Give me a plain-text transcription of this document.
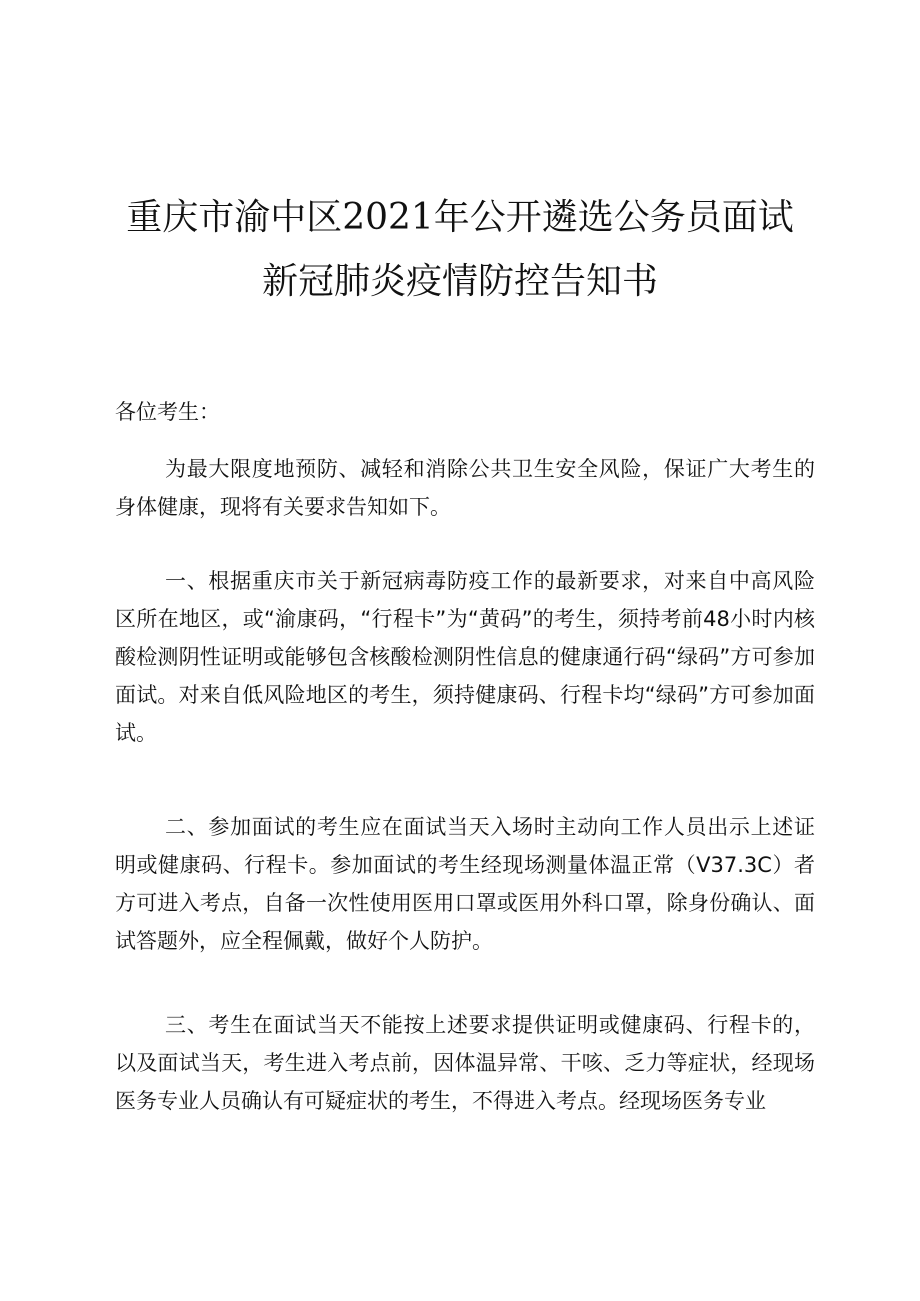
重庆市渝中区2021年公开遴选公务员面试
新冠肺炎疫情防控告知书
各位考生：
为最大限度地预防、减轻和消除公共卫生安全风险，保证广大考生的身体健康，现将有关要求告知如下。
一、根据重庆市关于新冠病毒防疫工作的最新要求，对来自中高风险区所在地区，或“渝康码，“行程卡”为“黄码”的考生，须持考前48小时内核酸检测阴性证明或能够包含核酸检测阴性信息的健康通行码“绿码”方可参加面试。对来自低风险地区的考生，须持健康码、行程卡均“绿码”方可参加面试。
二、参加面试的考生应在面试当天入场时主动向工作人员出示上述证明或健康码、行程卡。参加面试的考生经现场测量体温正常（V37.3C）者方可进入考点，自备一次性使用医用口罩或医用外科口罩，除身份确认、面试答题外，应全程佩戴，做好个人防护。
三、考生在面试当天不能按上述要求提供证明或健康码、行程卡的，以及面试当天，考生进入考点前，因体温异常、干咳、乏力等症状，经现场医务专业人员确认有可疑症状的考生，不得进入考点。经现场医务专业
